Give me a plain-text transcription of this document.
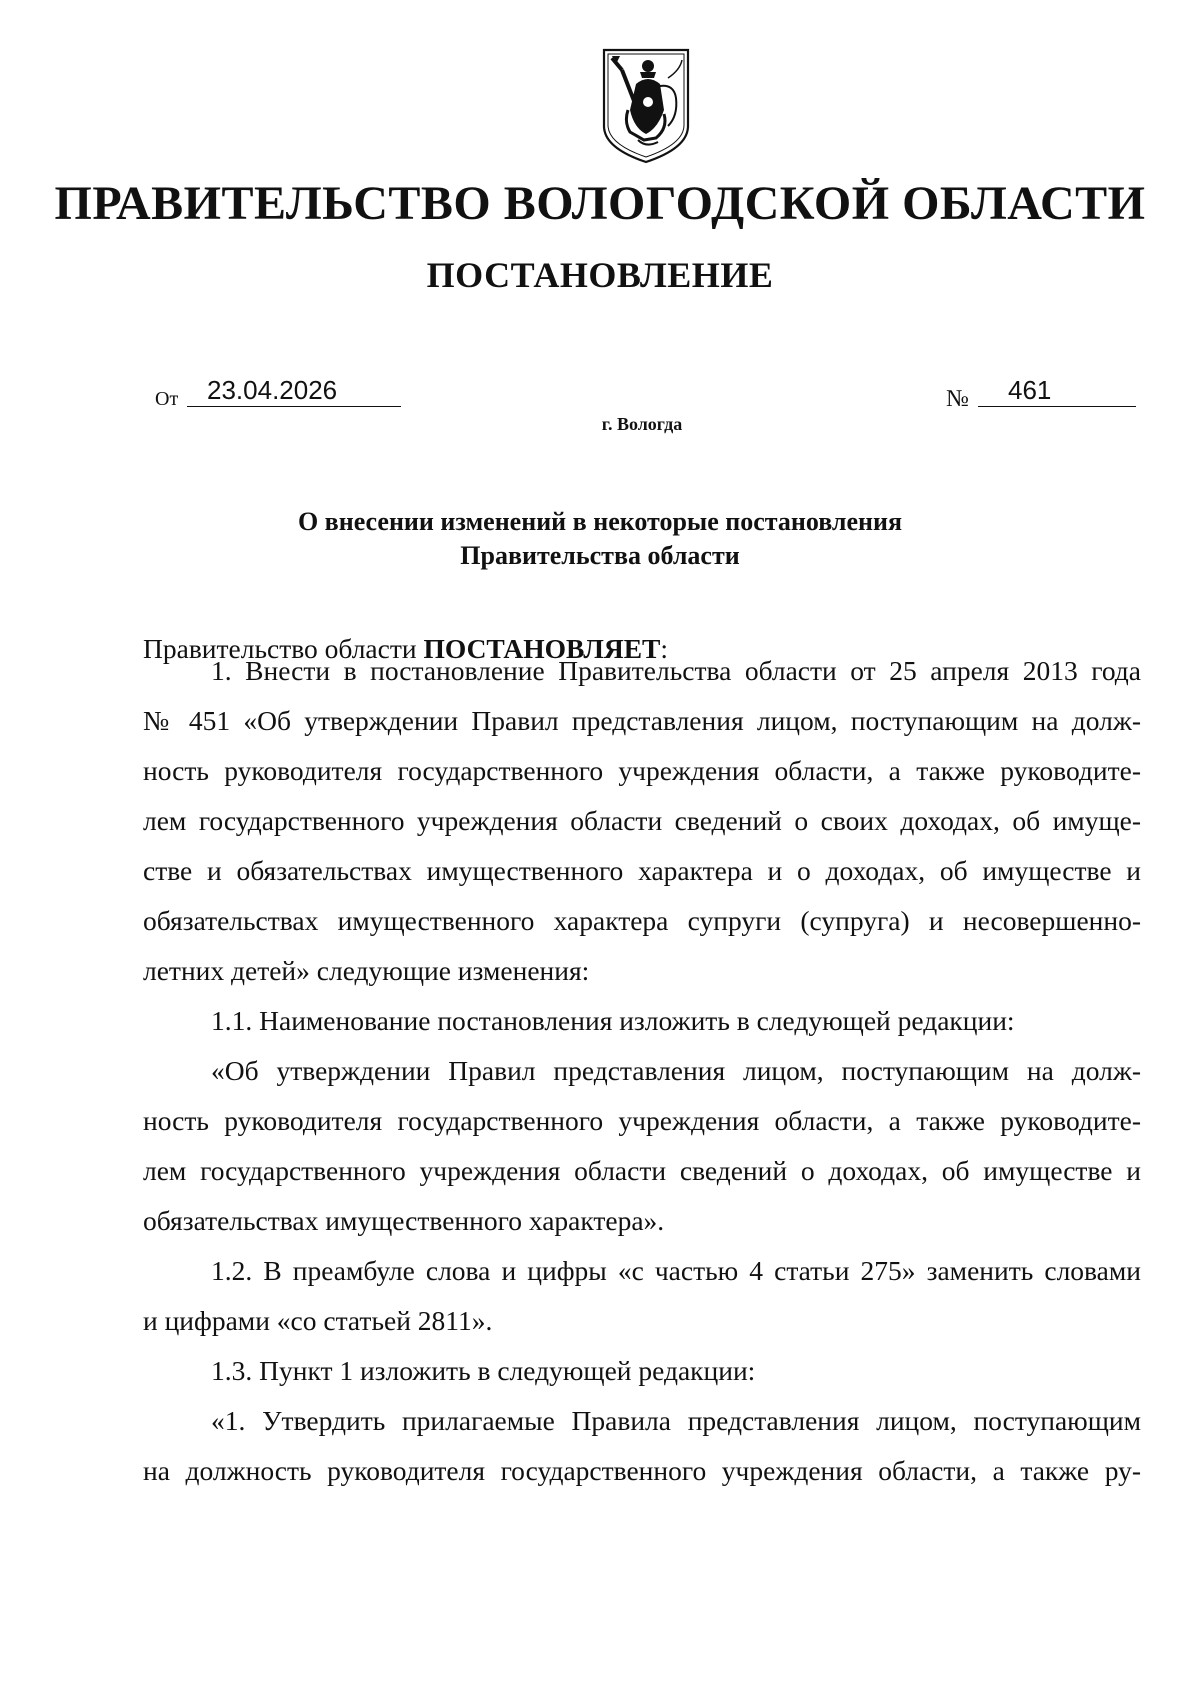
ПРАВИТЕЛЬСТВО ВОЛОГОДСКОЙ ОБЛАСТИ
ПОСТАНОВЛЕНИЕ
От	23.04.2026	№	461
г. Вологда
О внесении изменений в некоторые постановления
Правительства области
Правительство области ПОСТАНОВЛЯЕТ:
1. Внести в постановление Правительства области от 25 апреля 2013 года
№ 451 «Об утверждении Правил представления лицом, поступающим на долж-
ность руководителя государственного учреждения области, а также руководите-
лем государственного учреждения области сведений о своих доходах, об имуще-
стве и обязательствах имущественного характера и о доходах, об имуществе и
обязательствах имущественного характера супруги (супруга) и несовершенно-
летних детей» следующие изменения:
1.1. Наименование постановления изложить в следующей редакции:
«Об утверждении Правил представления лицом, поступающим на долж-
ность руководителя государственного учреждения области, а также руководите-
лем государственного учреждения области сведений о доходах, об имуществе и
обязательствах имущественного характера».
1.2. В преамбуле слова и цифры «с частью 4 статьи 275» заменить словами
и цифрами «со статьей 2811».
1.3. Пункт 1 изложить в следующей редакции:
«1. Утвердить прилагаемые Правила представления лицом, поступающим
на должность руководителя государственного учреждения области, а также ру-
